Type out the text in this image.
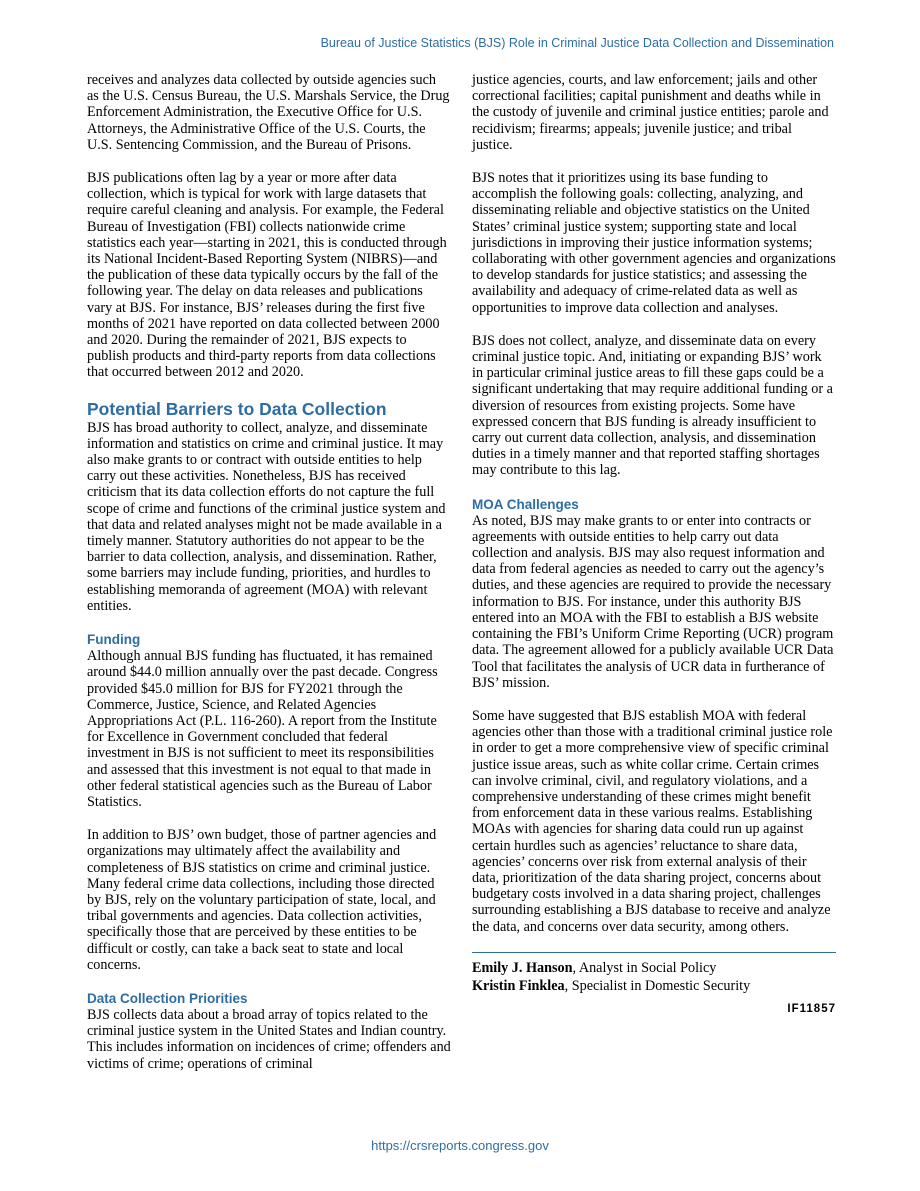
Bureau of Justice Statistics (BJS) Role in Criminal Justice Data Collection and Dissemination

receives and analyzes data collected by outside agencies such as the U.S. Census Bureau, the U.S. Marshals Service, the Drug Enforcement Administration, the Executive Office for U.S. Attorneys, the Administrative Office of the U.S. Courts, the U.S. Sentencing Commission, and the Bureau of Prisons.

BJS publications often lag by a year or more after data collection, which is typical for work with large datasets that require careful cleaning and analysis. For example, the Federal Bureau of Investigation (FBI) collects nationwide crime statistics each year—starting in 2021, this is conducted through its National Incident-Based Reporting System (NIBRS)—and the publication of these data typically occurs by the fall of the following year. The delay on data releases and publications vary at BJS. For instance, BJS’ releases during the first five months of 2021 have reported on data collected between 2000 and 2020. During the remainder of 2021, BJS expects to publish products and third-party reports from data collections that occurred between 2012 and 2020.

Potential Barriers to Data Collection

BJS has broad authority to collect, analyze, and disseminate information and statistics on crime and criminal justice. It may also make grants to or contract with outside entities to help carry out these activities. Nonetheless, BJS has received criticism that its data collection efforts do not capture the full scope of crime and functions of the criminal justice system and that data and related analyses might not be made available in a timely manner. Statutory authorities do not appear to be the barrier to data collection, analysis, and dissemination. Rather, some barriers may include funding, priorities, and hurdles to establishing memoranda of agreement (MOA) with relevant entities.

Funding

Although annual BJS funding has fluctuated, it has remained around $44.0 million annually over the past decade. Congress provided $45.0 million for BJS for FY2021 through the Commerce, Justice, Science, and Related Agencies Appropriations Act (P.L. 116-260). A report from the Institute for Excellence in Government concluded that federal investment in BJS is not sufficient to meet its responsibilities and assessed that this investment is not equal to that made in other federal statistical agencies such as the Bureau of Labor Statistics.

In addition to BJS’ own budget, those of partner agencies and organizations may ultimately affect the availability and completeness of BJS statistics on crime and criminal justice. Many federal crime data collections, including those directed by BJS, rely on the voluntary participation of state, local, and tribal governments and agencies. Data collection activities, specifically those that are perceived by these entities to be difficult or costly, can take a back seat to state and local concerns.

Data Collection Priorities

BJS collects data about a broad array of topics related to the criminal justice system in the United States and Indian country. This includes information on incidences of crime; offenders and victims of crime; operations of criminal

justice agencies, courts, and law enforcement; jails and other correctional facilities; capital punishment and deaths while in the custody of juvenile and criminal justice entities; parole and recidivism; firearms; appeals; juvenile justice; and tribal justice.

BJS notes that it prioritizes using its base funding to accomplish the following goals: collecting, analyzing, and disseminating reliable and objective statistics on the United States’ criminal justice system; supporting state and local jurisdictions in improving their justice information systems; collaborating with other government agencies and organizations to develop standards for justice statistics; and assessing the availability and adequacy of crime-related data as well as opportunities to improve data collection and analyses.

BJS does not collect, analyze, and disseminate data on every criminal justice topic. And, initiating or expanding BJS’ work in particular criminal justice areas to fill these gaps could be a significant undertaking that may require additional funding or a diversion of resources from existing projects. Some have expressed concern that BJS funding is already insufficient to carry out current data collection, analysis, and dissemination duties in a timely manner and that reported staffing shortages may contribute to this lag.

MOA Challenges

As noted, BJS may make grants to or enter into contracts or agreements with outside entities to help carry out data collection and analysis. BJS may also request information and data from federal agencies as needed to carry out the agency’s duties, and these agencies are required to provide the necessary information to BJS. For instance, under this authority BJS entered into an MOA with the FBI to establish a BJS website containing the FBI’s Uniform Crime Reporting (UCR) program data. The agreement allowed for a publicly available UCR Data Tool that facilitates the analysis of UCR data in furtherance of BJS’ mission.

Some have suggested that BJS establish MOA with federal agencies other than those with a traditional criminal justice role in order to get a more comprehensive view of specific criminal justice issue areas, such as white collar crime. Certain crimes can involve criminal, civil, and regulatory violations, and a comprehensive understanding of these crimes might benefit from enforcement data in these various realms. Establishing MOAs with agencies for sharing data could run up against certain hurdles such as agencies’ reluctance to share data, agencies’ concerns over risk from external analysis of their data, prioritization of the data sharing project, concerns about budgetary costs involved in a data sharing project, challenges surrounding establishing a BJS database to receive and analyze the data, and concerns over data security, among others.

Emily J. Hanson, Analyst in Social Policy
Kristin Finklea, Specialist in Domestic Security
IF11857
https://crsreports.congress.gov
